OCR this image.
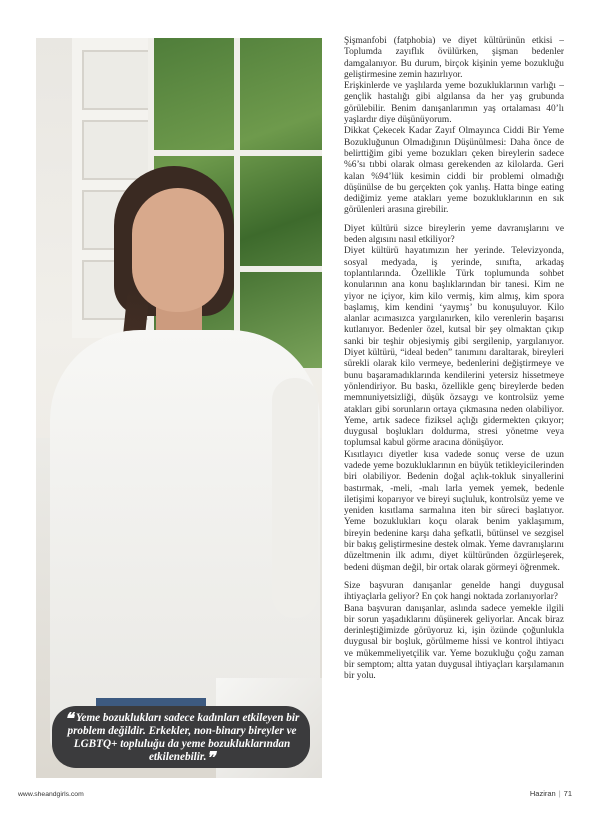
❝ Yeme bozuklukları sadece kadınları etkileyen bir problem değildir. Erkekler, non-binary bireyler ve LGBTQ+ topluluğu da yeme bozukluklarından etkilenebilir.❞

Şişmanfobi (fatphobia) ve diyet kültürünün etkisi – Toplumda zayıflık övülürken, şişman bedenler damgalanıyor. Bu durum, birçok kişinin yeme bozukluğu geliştirmesine zemin hazırlıyor.

Erişkinlerde ve yaşlılarda yeme bozukluklarının varlığı – gençlik hastalığı gibi algılansa da her yaş grubunda görülebilir. Benim danışanlarımın yaş ortalaması 40’lı yaşlardır diye düşünüyorum.

Dikkat Çekecek Kadar Zayıf Olmayınca Ciddi Bir Yeme Bozukluğunun Olmadığının Düşünülmesi: Daha önce de belirttiğim gibi yeme bozukları çeken bireylerin sadece %6’sı tıbbi olarak olması gerekenden az kilolarda. Geri kalan %94’lük kesimin ciddi bir problemi olmadığı düşünülse de bu gerçekten çok yanlış. Hatta binge eating dediğimiz yeme atakları yeme bozukluklarının en sık görülenleri arasına girebilir.

Diyet kültürü sizce bireylerin yeme davranışlarını ve beden algısını nasıl etkiliyor?

Diyet kültürü hayatımızın her yerinde. Televizyonda, sosyal medyada, iş yerinde, sınıfta, arkadaş toplantılarında. Özellikle Türk toplumunda sohbet konularının ana konu başlıklarından bir tanesi. Kim ne yiyor ne içiyor, kim kilo vermiş, kim almış, kim spora başlamış, kim kendini ‘yaymış’ bu konuşuluyor. Kilo alanlar acımasızca yargılanırken, kilo verenlerin başarısı kutlanıyor. Bedenler özel, kutsal bir şey olmaktan çıkıp sanki bir teşhir objesiymiş gibi sergilenip, yargılanıyor. Diyet kültürü, “ideal beden” tanımını daraltarak, bireyleri sürekli olarak kilo vermeye, bedenlerini değiştirmeye ve bunu başaramadıklarında kendilerini yetersiz hissetmeye yönlendiriyor. Bu baskı, özellikle genç bireylerde beden memnuniyetsizliği, düşük özsaygı ve kontrolsüz yeme atakları gibi sorunların ortaya çıkmasına neden olabiliyor. Yeme, artık sadece fiziksel açlığı gidermekten çıkıyor; duygusal boşlukları doldurma, stresi yönetme veya toplumsal kabul görme aracına dönüşüyor.

Kısıtlayıcı diyetler kısa vadede sonuç verse de uzun vadede yeme bozukluklarının en büyük tetikleyicilerinden biri olabiliyor. Bedenin doğal açlık-tokluk sinyallerini bastırmak, -meli, -malı larla yemek yemek, bedenle iletişimi koparıyor ve bireyi suçluluk, kontrolsüz yeme ve yeniden kısıtlama sarmalına iten bir süreci başlatıyor. Yeme bozuklukları koçu olarak benim yaklaşımım, bireyin bedenine karşı daha şefkatli, bütünsel ve sezgisel bir bakış geliştirmesine destek olmak. Yeme davranışlarını düzeltmenin ilk adımı, diyet kültüründen özgürleşerek, bedeni düşman değil, bir ortak olarak görmeyi öğrenmek.

Size başvuran danışanlar genelde hangi duygusal ihtiyaçlarla geliyor? En çok hangi noktada zorlanıyorlar?

Bana başvuran danışanlar, aslında sadece yemekle ilgili bir sorun yaşadıklarını düşünerek geliyorlar. Ancak biraz derinleştiğimizde görüyoruz ki, işin özünde çoğunlukla duygusal bir boşluk, görülmeme hissi ve kontrol ihtiyacı ve mükemmeliyetçilik var. Yeme bozukluğu çoğu zaman bir semptom; altta yatan duygusal ihtiyaçları karşılamanın bir yolu.

www.sheandgirls.com	Haziran | 71
